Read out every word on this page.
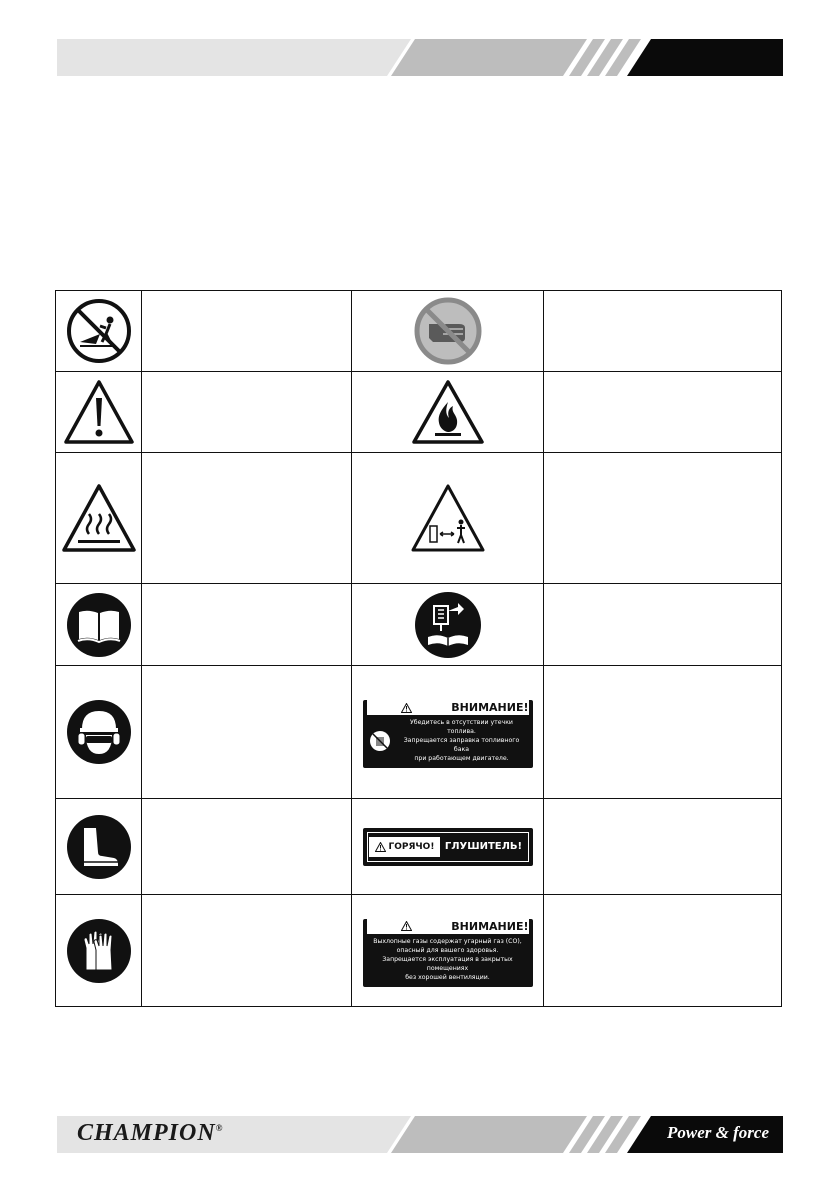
ВНИМАНИЕ!
Убедитесь в отсутствии утечки топлива.
Запрещается заправка топливного бака
при работающем двигателе.	

ГОРЯЧО! ГЛУШИТЕЛЬ!	

ВНИМАНИЕ!
Выхлопные газы содержат угарный газ (CO),
опасный для вашего здоровья.
Запрещается эксплуатация в закрытых помещениях
без хорошей вентиляции.	

CHAMPION®	Power & force
